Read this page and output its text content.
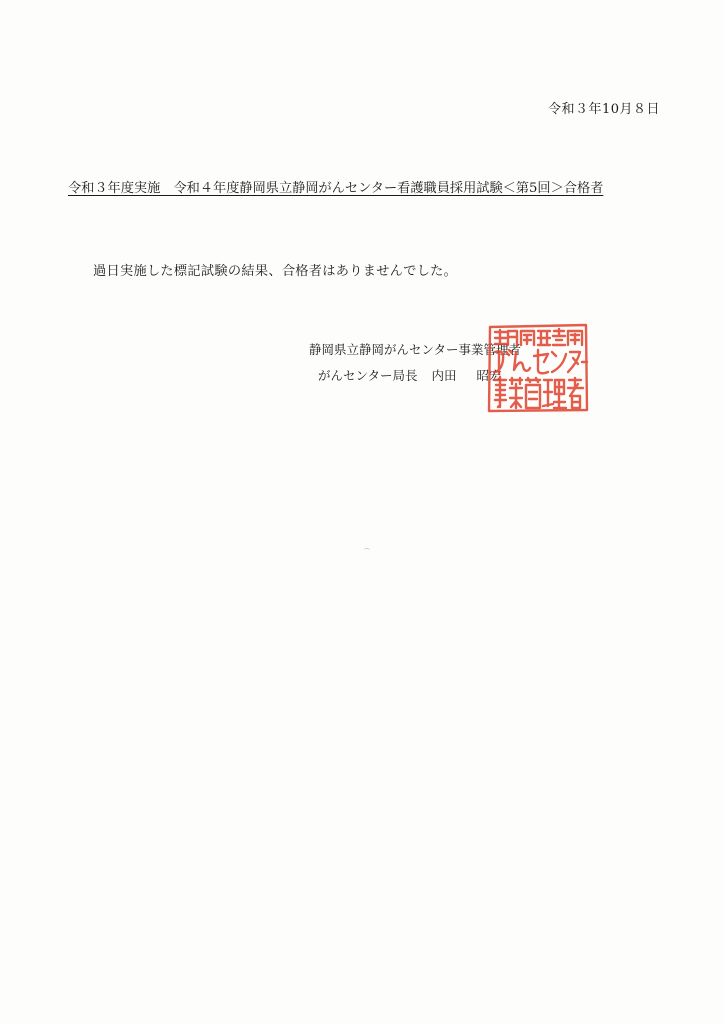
令和３年10月８日
令和３年度実施　令和４年度静岡県立静岡がんセンター看護職員採用試験＜第5回＞合格者
過日実施した標記試験の結果、合格者はありませんでした。
静岡県立静岡がんセンター事業管理者
がんセンター局長 内田 昭宏
